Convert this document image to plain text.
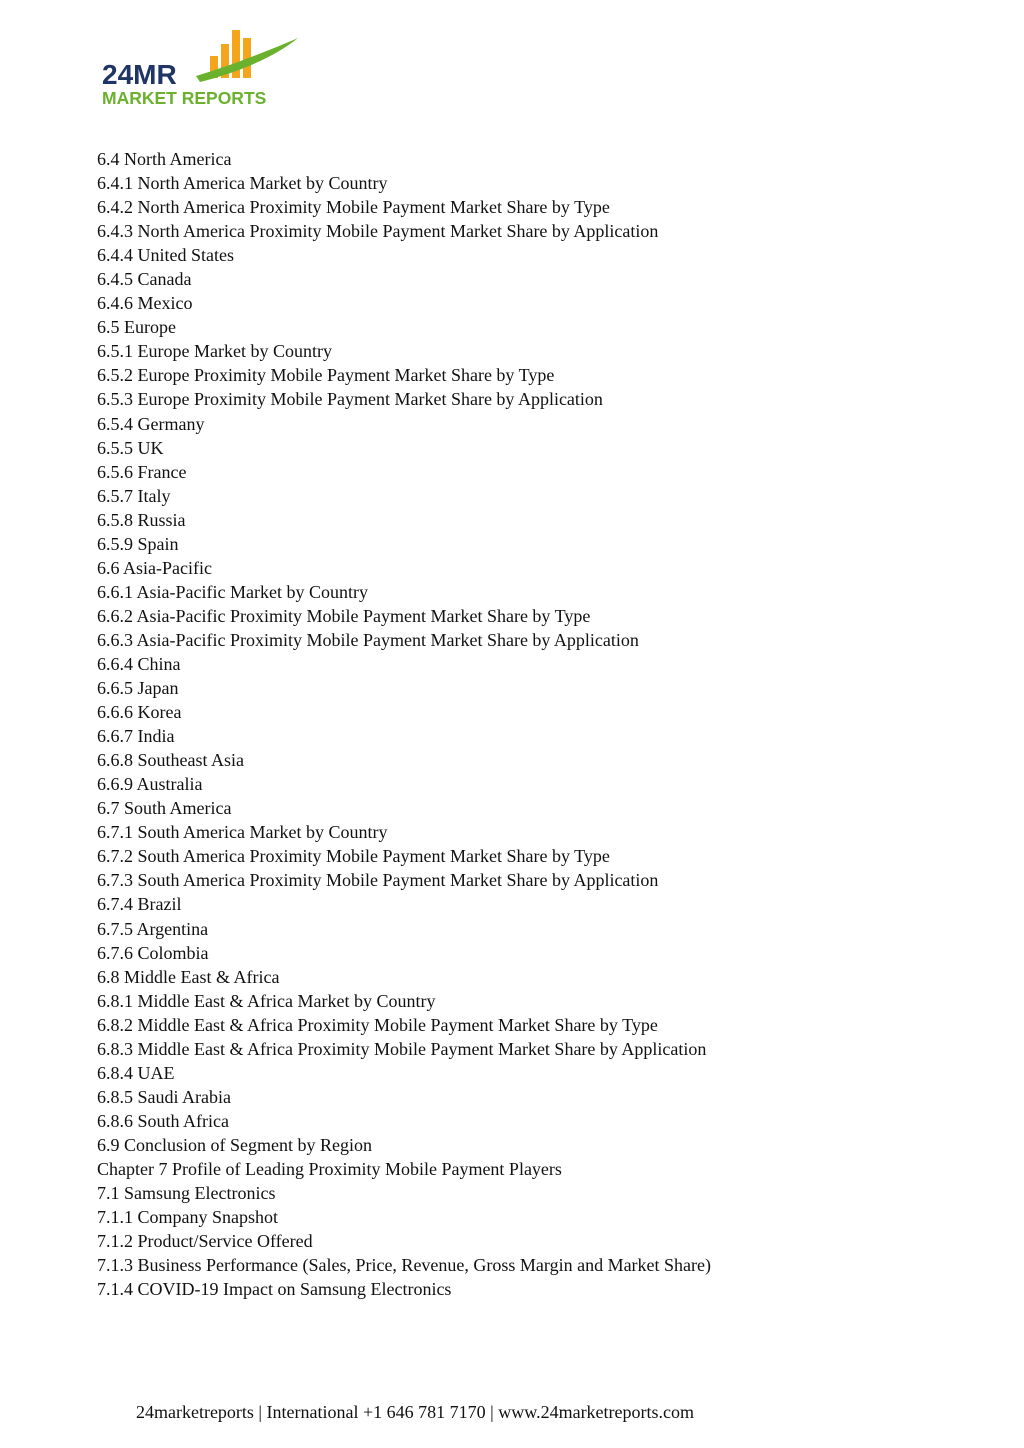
24MR
MARKET REPORTS
6.4 North America
6.4.1 North America Market by Country
6.4.2 North America Proximity Mobile Payment Market Share by Type
6.4.3 North America Proximity Mobile Payment Market Share by Application
6.4.4 United States
6.4.5 Canada
6.4.6 Mexico
6.5 Europe
6.5.1 Europe Market by Country
6.5.2 Europe Proximity Mobile Payment Market Share by Type
6.5.3 Europe Proximity Mobile Payment Market Share by Application
6.5.4 Germany
6.5.5 UK
6.5.6 France
6.5.7 Italy
6.5.8 Russia
6.5.9 Spain
6.6 Asia-Pacific
6.6.1 Asia-Pacific Market by Country
6.6.2 Asia-Pacific Proximity Mobile Payment Market Share by Type
6.6.3 Asia-Pacific Proximity Mobile Payment Market Share by Application
6.6.4 China
6.6.5 Japan
6.6.6 Korea
6.6.7 India
6.6.8 Southeast Asia
6.6.9 Australia
6.7 South America
6.7.1 South America Market by Country
6.7.2 South America Proximity Mobile Payment Market Share by Type
6.7.3 South America Proximity Mobile Payment Market Share by Application
6.7.4 Brazil
6.7.5 Argentina
6.7.6 Colombia
6.8 Middle East & Africa
6.8.1 Middle East & Africa Market by Country
6.8.2 Middle East & Africa Proximity Mobile Payment Market Share by Type
6.8.3 Middle East & Africa Proximity Mobile Payment Market Share by Application
6.8.4 UAE
6.8.5 Saudi Arabia
6.8.6 South Africa
6.9 Conclusion of Segment by Region
Chapter 7 Profile of Leading Proximity Mobile Payment Players
7.1 Samsung Electronics
7.1.1 Company Snapshot
7.1.2 Product/Service Offered
7.1.3 Business Performance (Sales, Price, Revenue, Gross Margin and Market Share)
7.1.4 COVID-19 Impact on Samsung Electronics
24marketreports | International +1 646 781 7170 | www.24marketreports.com
